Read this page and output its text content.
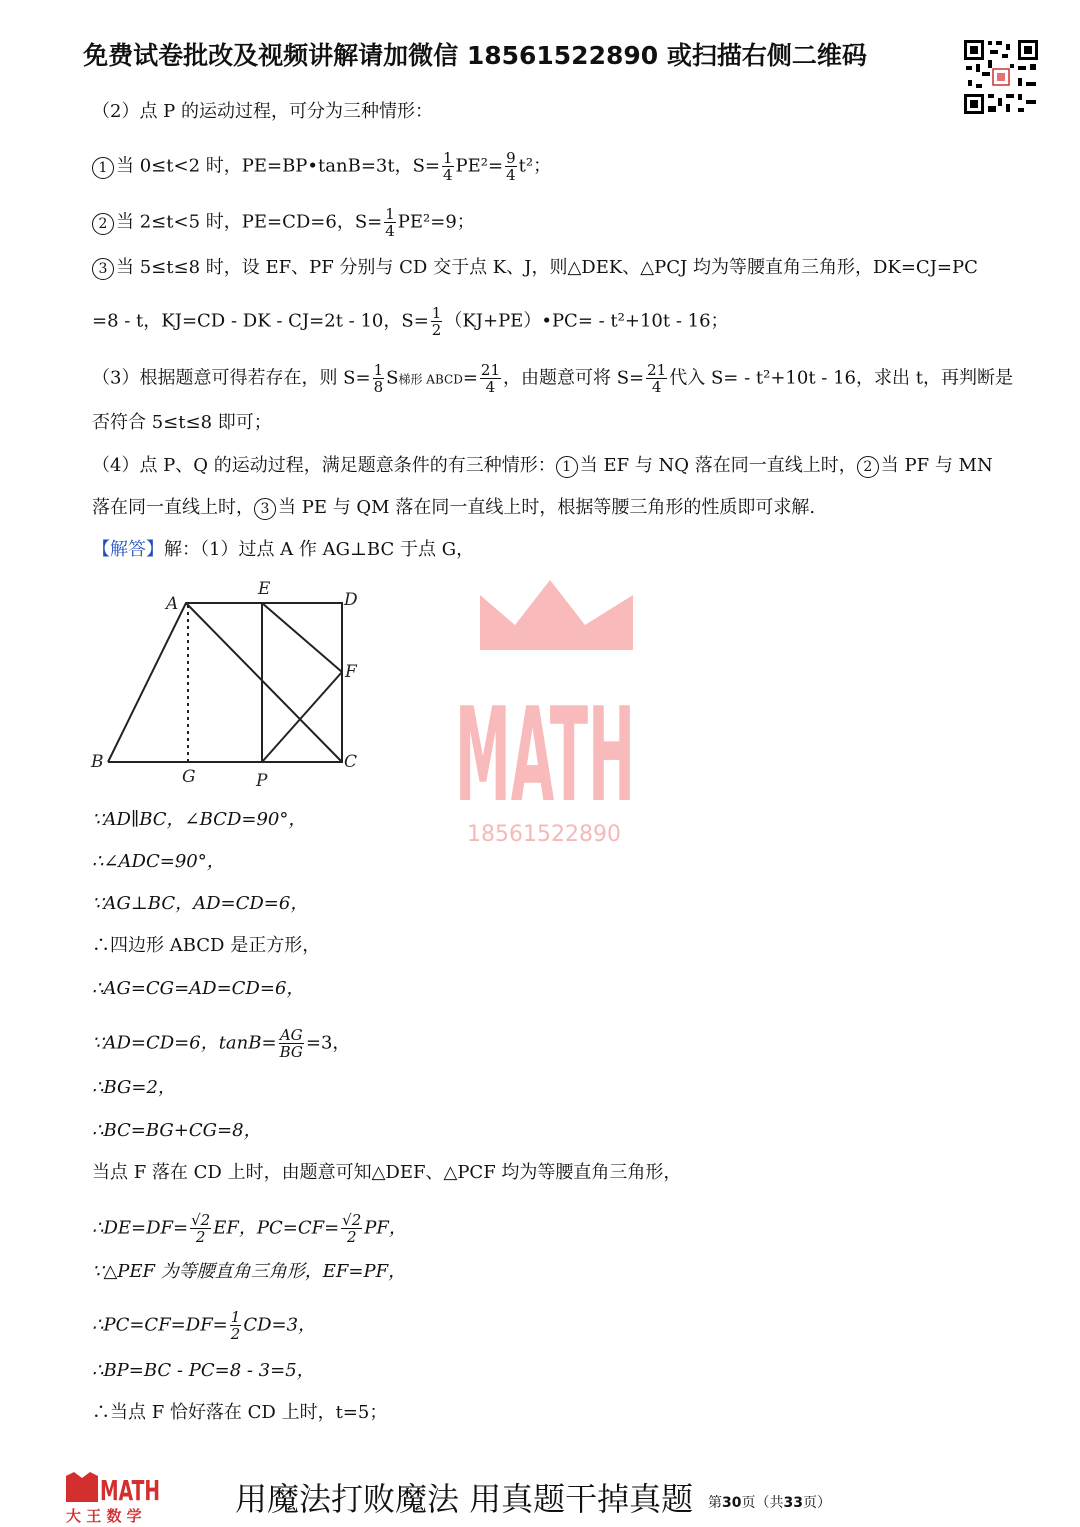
免费试卷批改及视频讲解请加微信 18561522890 或扫描右侧二维码
（2）点 P 的运动过程，可分为三种情形：
1 当 0≤t<2 时，PE=BP•tanB=3t，$S= \frac{1}{4} PE^2= \frac{9}{4} t^2$；
2 当 2≤t<5 时，PE=CD=6，$S= \frac{1}{4} PE^2=9$；
3 当 5≤t≤8 时，设 EF、PF 分别与 CD 交于点 K、J，则△DEK、△PCJ 均为等腰直角三角形，DK=CJ=PC
=8 - t，KJ=CD - DK - CJ=2t - 10，$S= \frac{1}{2}$ （KJ+PE）•PC= - t²+10t - 16；
（3）根据题意可得若存在，则 $S= \frac{1}{8}$ S梯形 ABCD= $\frac{21}{4}$ ，由题意可将 $S= \frac{21}{4}$ 代入 S= - t²+10t - 16，求出 t，再判断是
否符合 5≤t≤8 即可；
（4）点 P、Q 的运动过程，满足题意条件的有三种情形： 1 当 EF 与 NQ 落在同一直线上时， 2 当 PF 与 MN
落在同一直线上时， 3 当 PE 与 QM 落在同一直线上时，根据等腰三角形的性质即可求解.
【解答】解：（1）过点 A 作 AG⊥BC 于点 G，
A
E
D
F
B
G	P
C MATH
18561522890
∵AD∥BC，∠BCD=90°，
∴∠ADC=90°，
∵AG⊥BC，AD=CD=6，
∴四边形 ABCD 是正方形，
∴AG=CG=AD=CD=6，
∵AD=CD=6，$\tan B= \frac{AG}{BG} =3$，
∴BG=2，
∴BC=BG+CG=8，
当点 F 落在 CD 上时，由题意可知△DEF、△PCF 均为等腰直角三角形，
∴DE=DF= $\frac{√2}{2}$ EF，$PC=CF= \frac{√2}{2}$ PF，
∵△PEF 为等腰直角三角形，EF=PF，
∴PC=CF=DF= $\frac{1}{2} CD=3$，
∴BP=BC - PC=8 - 3=5，
∴当点 F 恰好落在 CD 上时，t=5；
MATH
大 王 数 学	用魔法打败魔法 用真题干掉真题 第30页（共33页）
